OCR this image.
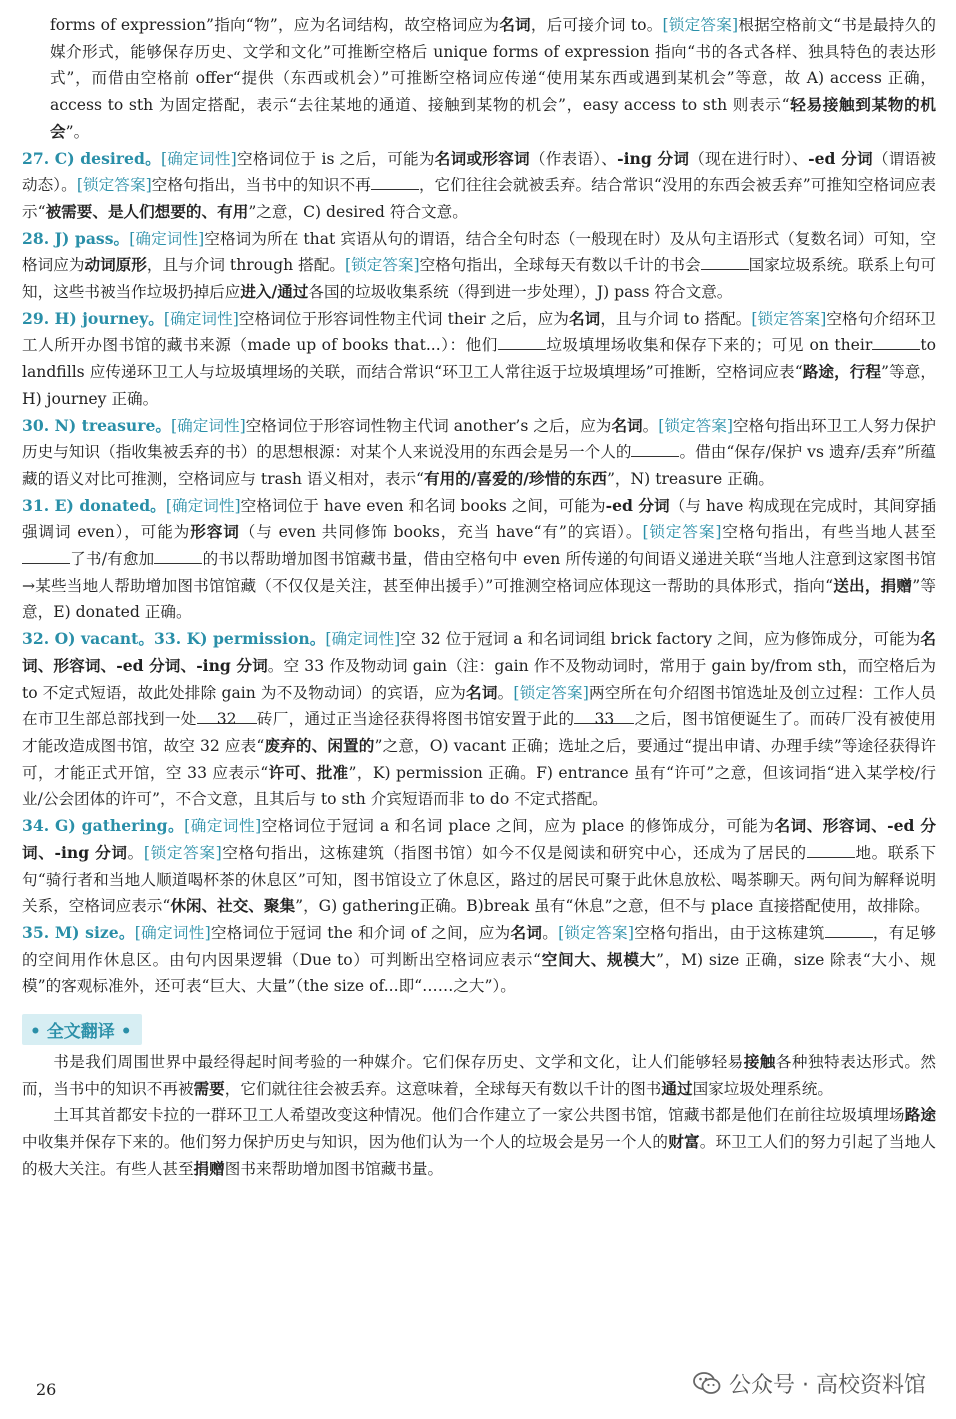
forms of expression”指向“物”，应为名词结构，故空格词应为名词，后可接介词 to。[锁定答案]根据空格前文“书是最持久的媒介形式，能够保存历史、文学和文化”可推断空格后 unique forms of expression 指向“书的各式各样、独具特色的表达形式”，而借由空格前 offer“提供（东西或机会）”可推断空格词应传递“使用某东西或遇到某机会”等意，故 A) access 正确，access to sth 为固定搭配，表示“去往某地的通道、接触到某物的机会”，easy access to sth 则表示“轻易接触到某物的机会”。

27. C) desired。[确定词性]空格词位于 is 之后，可能为名词或形容词（作表语）、-ing 分词（现在进行时）、-ed 分词（谓语被动态）。[锁定答案]空格句指出，当书中的知识不再	，它们往往会就被丢弃。结合常识“没用的东西会被丢弃”可推知空格词应表示“被需要、是人们想要的、有用”之意，C) desired 符合文意。

28. J) pass。[确定词性]空格词为所在 that 宾语从句的谓语，结合全句时态（一般现在时）及从句主语形式（复数名词）可知，空格词应为动词原形，且与介词 through 搭配。[锁定答案]空格句指出，全球每天有数以千计的书会	国家垃圾系统。联系上句可知，这些书被当作垃圾扔掉后应进入/通过各国的垃圾收集系统（得到进一步处理），J) pass 符合文意。

29. H) journey。[确定词性]空格词位于形容词性物主代词 their 之后，应为名词，且与介词 to 搭配。[锁定答案]空格句介绍环卫工人所开办图书馆的藏书来源（made up of books that...）：他们	垃圾填埋场收集和保存下来的；可见 on their	to landfills 应传递环卫工人与垃圾填埋场的关联，而结合常识“环卫工人常往返于垃圾填埋场”可推断，空格词应表“路途，行程”等意，H) journey 正确。

30. N) treasure。[确定词性]空格词位于形容词性物主代词 another’s 之后，应为名词。[锁定答案]空格句指出环卫工人努力保护历史与知识（指收集被丢弃的书）的思想根源：对某个人来说没用的东西会是另一个人的	。借由“保存/保护 vs 遗弃/丢弃”所蕴藏的语义对比可推测，空格词应与 trash 语义相对，表示“有用的/喜爱的/珍惜的东西”，N) treasure 正确。

31. E) donated。[确定词性]空格词位于 have even 和名词 books 之间，可能为-ed 分词（与 have 构成现在完成时，其间穿插强调词 even），可能为形容词（与 even 共同修饰 books，充当 have“有”的宾语）。[锁定答案]空格句指出，有些当地人甚至了书/有愈加	的书以帮助增加图书馆藏书量，借由空格句中 even 所传递的句间语义递进关联“当地人注意到这家图书馆→某些当地人帮助增加图书馆馆藏（不仅仅是关注，甚至伸出援手）”可推测空格词应体现这一帮助的具体形式，指向“送出，捐赠”等意，E) donated 正确。

32. O) vacant。33. K) permission。[确定词性]空 32 位于冠词 a 和名词词组 brick factory 之间，应为修饰成分，可能为名词、形容词、-ed 分词、-ing 分词。空 33 作及物动词 gain（注：gain 作不及物动词时，常用于 gain by/from sth，而空格后为 to 不定式短语，故此处排除 gain 为不及物动词）的宾语，应为名词。[锁定答案]两空所在句介绍图书馆选址及创立过程：工作人员在市卫生部总部找到一处 32 砖厂，通过正当途径获得将图书馆安置于此的 33 之后，图书馆便诞生了。而砖厂没有被使用才能改造成图书馆，故空 32 应表“废弃的、闲置的”之意，O) vacant 正确；选址之后，要通过“提出申请、办理手续”等途径获得许可，才能正式开馆，空 33 应表示“许可、批准”，K) permission 正确。F) entrance 虽有“许可”之意，但该词指“进入某学校/行业/公会团体的许可”，不合文意，且其后与 to sth 介宾短语而非 to do 不定式搭配。

34. G) gathering。[确定词性]空格词位于冠词 a 和名词 place 之间，应为 place 的修饰成分，可能为名词、形容词、-ed 分词、-ing 分词。[锁定答案]空格句指出，这栋建筑（指图书馆）如今不仅是阅读和研究中心，还成为了居民的	地。联系下句“骑行者和当地人顺道喝杯茶的休息区”可知，图书馆设立了休息区，路过的居民可聚于此休息放松、喝茶聊天。两句间为解释说明关系，空格词应表示“休闲、社交、聚集”，G) gathering正确。B)break 虽有“休息”之意，但不与 place 直接搭配使用，故排除。

35. M) size。[确定词性]空格词位于冠词 the 和介词 of 之间，应为名词。[锁定答案]空格句指出，由于这栋建筑	，有足够的空间用作休息区。由句内因果逻辑（Due to）可判断出空格词应表示“空间大、规模大”，M) size 正确，size 除表“大小、规模”的客观标准外，还可表“巨大、大量”（the size of...即“……之大”）。

• 全文翻译 •

书是我们周围世界中最经得起时间考验的一种媒介。它们保存历史、文学和文化，让人们能够轻易接触各种独特表达形式。然而，当书中的知识不再被需要，它们就往往会被丢弃。这意味着，全球每天有数以千计的图书通过国家垃圾处理系统。

土耳其首都安卡拉的一群环卫工人希望改变这种情况。他们合作建立了一家公共图书馆，馆藏书都是他们在前往垃圾填埋场路途中收集并保存下来的。他们努力保护历史与知识，因为他们认为一个人的垃圾会是另一个人的财富。环卫工人们的努力引起了当地人的极大关注。有些人甚至捐赠图书来帮助增加图书馆藏书量。

26	公众号 · 高校资料馆
